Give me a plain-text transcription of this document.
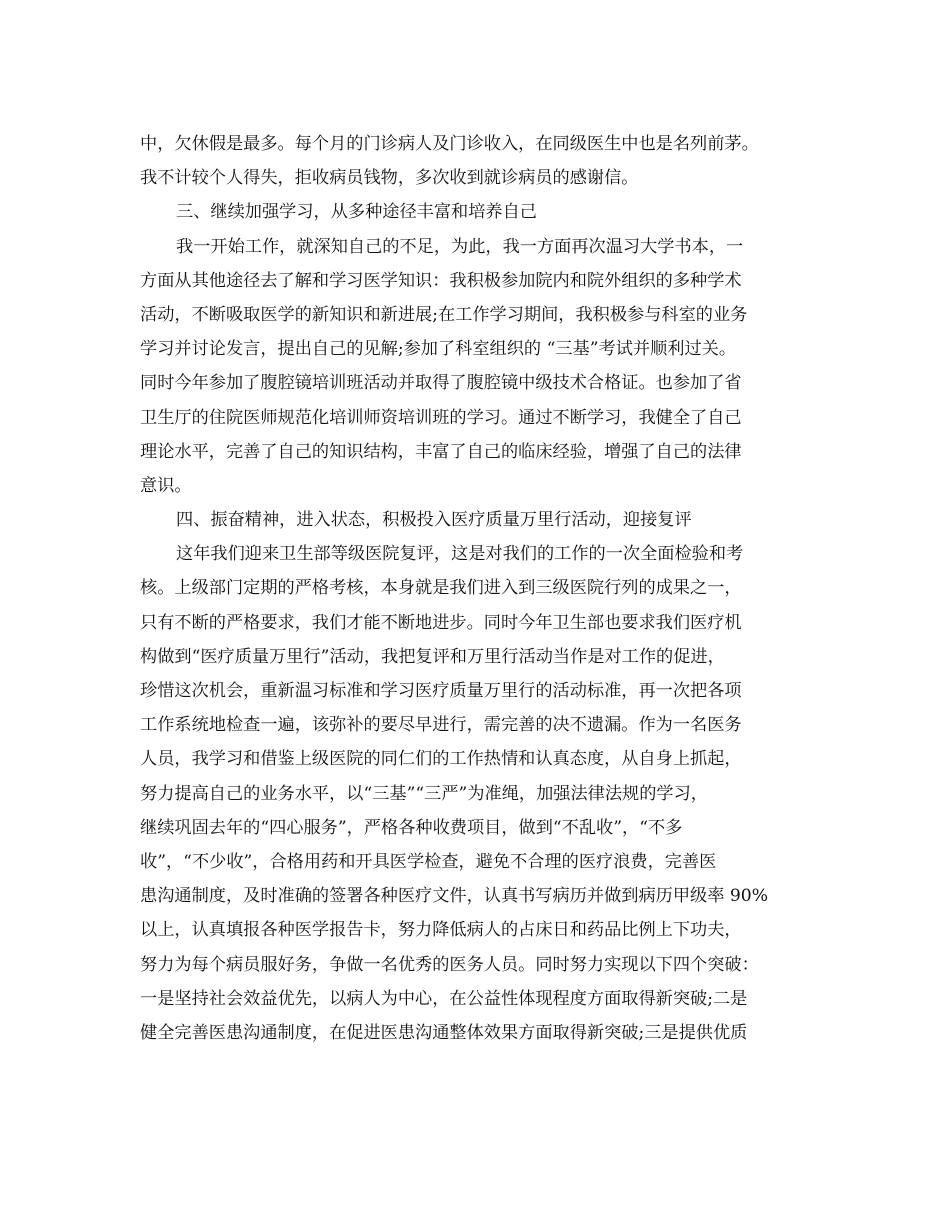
中，欠休假是最多。每个月的门诊病人及门诊收入，在同级医生中也是名列前茅。
我不计较个人得失，拒收病员钱物，多次收到就诊病员的感谢信。
三、继续加强学习，从多种途径丰富和培养自己
我一开始工作，就深知自己的不足，为此，我一方面再次温习大学书本，一
方面从其他途径去了解和学习医学知识：我积极参加院内和院外组织的多种学术
活动，不断吸取医学的新知识和新进展;在工作学习期间，我积极参与科室的业务
学习并讨论发言，提出自己的见解;参加了科室组织的 “三基”考试并顺利过关。
同时今年参加了腹腔镜培训班活动并取得了腹腔镜中级技术合格证。也参加了省
卫生厅的住院医师规范化培训师资培训班的学习。通过不断学习，我健全了自己
理论水平，完善了自己的知识结构，丰富了自己的临床经验，增强了自己的法律
意识。
四、振奋精神，进入状态，积极投入医疗质量万里行活动，迎接复评
这年我们迎来卫生部等级医院复评，这是对我们的工作的一次全面检验和考
核。上级部门定期的严格考核，本身就是我们进入到三级医院行列的成果之一，
只有不断的严格要求，我们才能不断地进步。同时今年卫生部也要求我们医疗机
构做到“医疗质量万里行”活动，我把复评和万里行活动当作是对工作的促进，
珍惜这次机会，重新温习标准和学习医疗质量万里行的活动标准，再一次把各项
工作系统地检查一遍，该弥补的要尽早进行，需完善的决不遗漏。作为一名医务
人员，我学习和借鉴上级医院的同仁们的工作热情和认真态度，从自身上抓起，
努力提高自己的业务水平，以“三基”“三严”为准绳，加强法律法规的学习，
继续巩固去年的“四心服务”，严格各种收费项目，做到“不乱收”，“不多
收”，“不少收”，合格用药和开具医学检查，避免不合理的医疗浪费，完善医
患沟通制度，及时准确的签署各种医疗文件，认真书写病历并做到病历甲级率 90%
以上，认真填报各种医学报告卡，努力降低病人的占床日和药品比例上下功夫，
努力为每个病员服好务，争做一名优秀的医务人员。同时努力实现以下四个突破：
一是坚持社会效益优先，以病人为中心，在公益性体现程度方面取得新突破;二是
健全完善医患沟通制度，在促进医患沟通整体效果方面取得新突破;三是提供优质
